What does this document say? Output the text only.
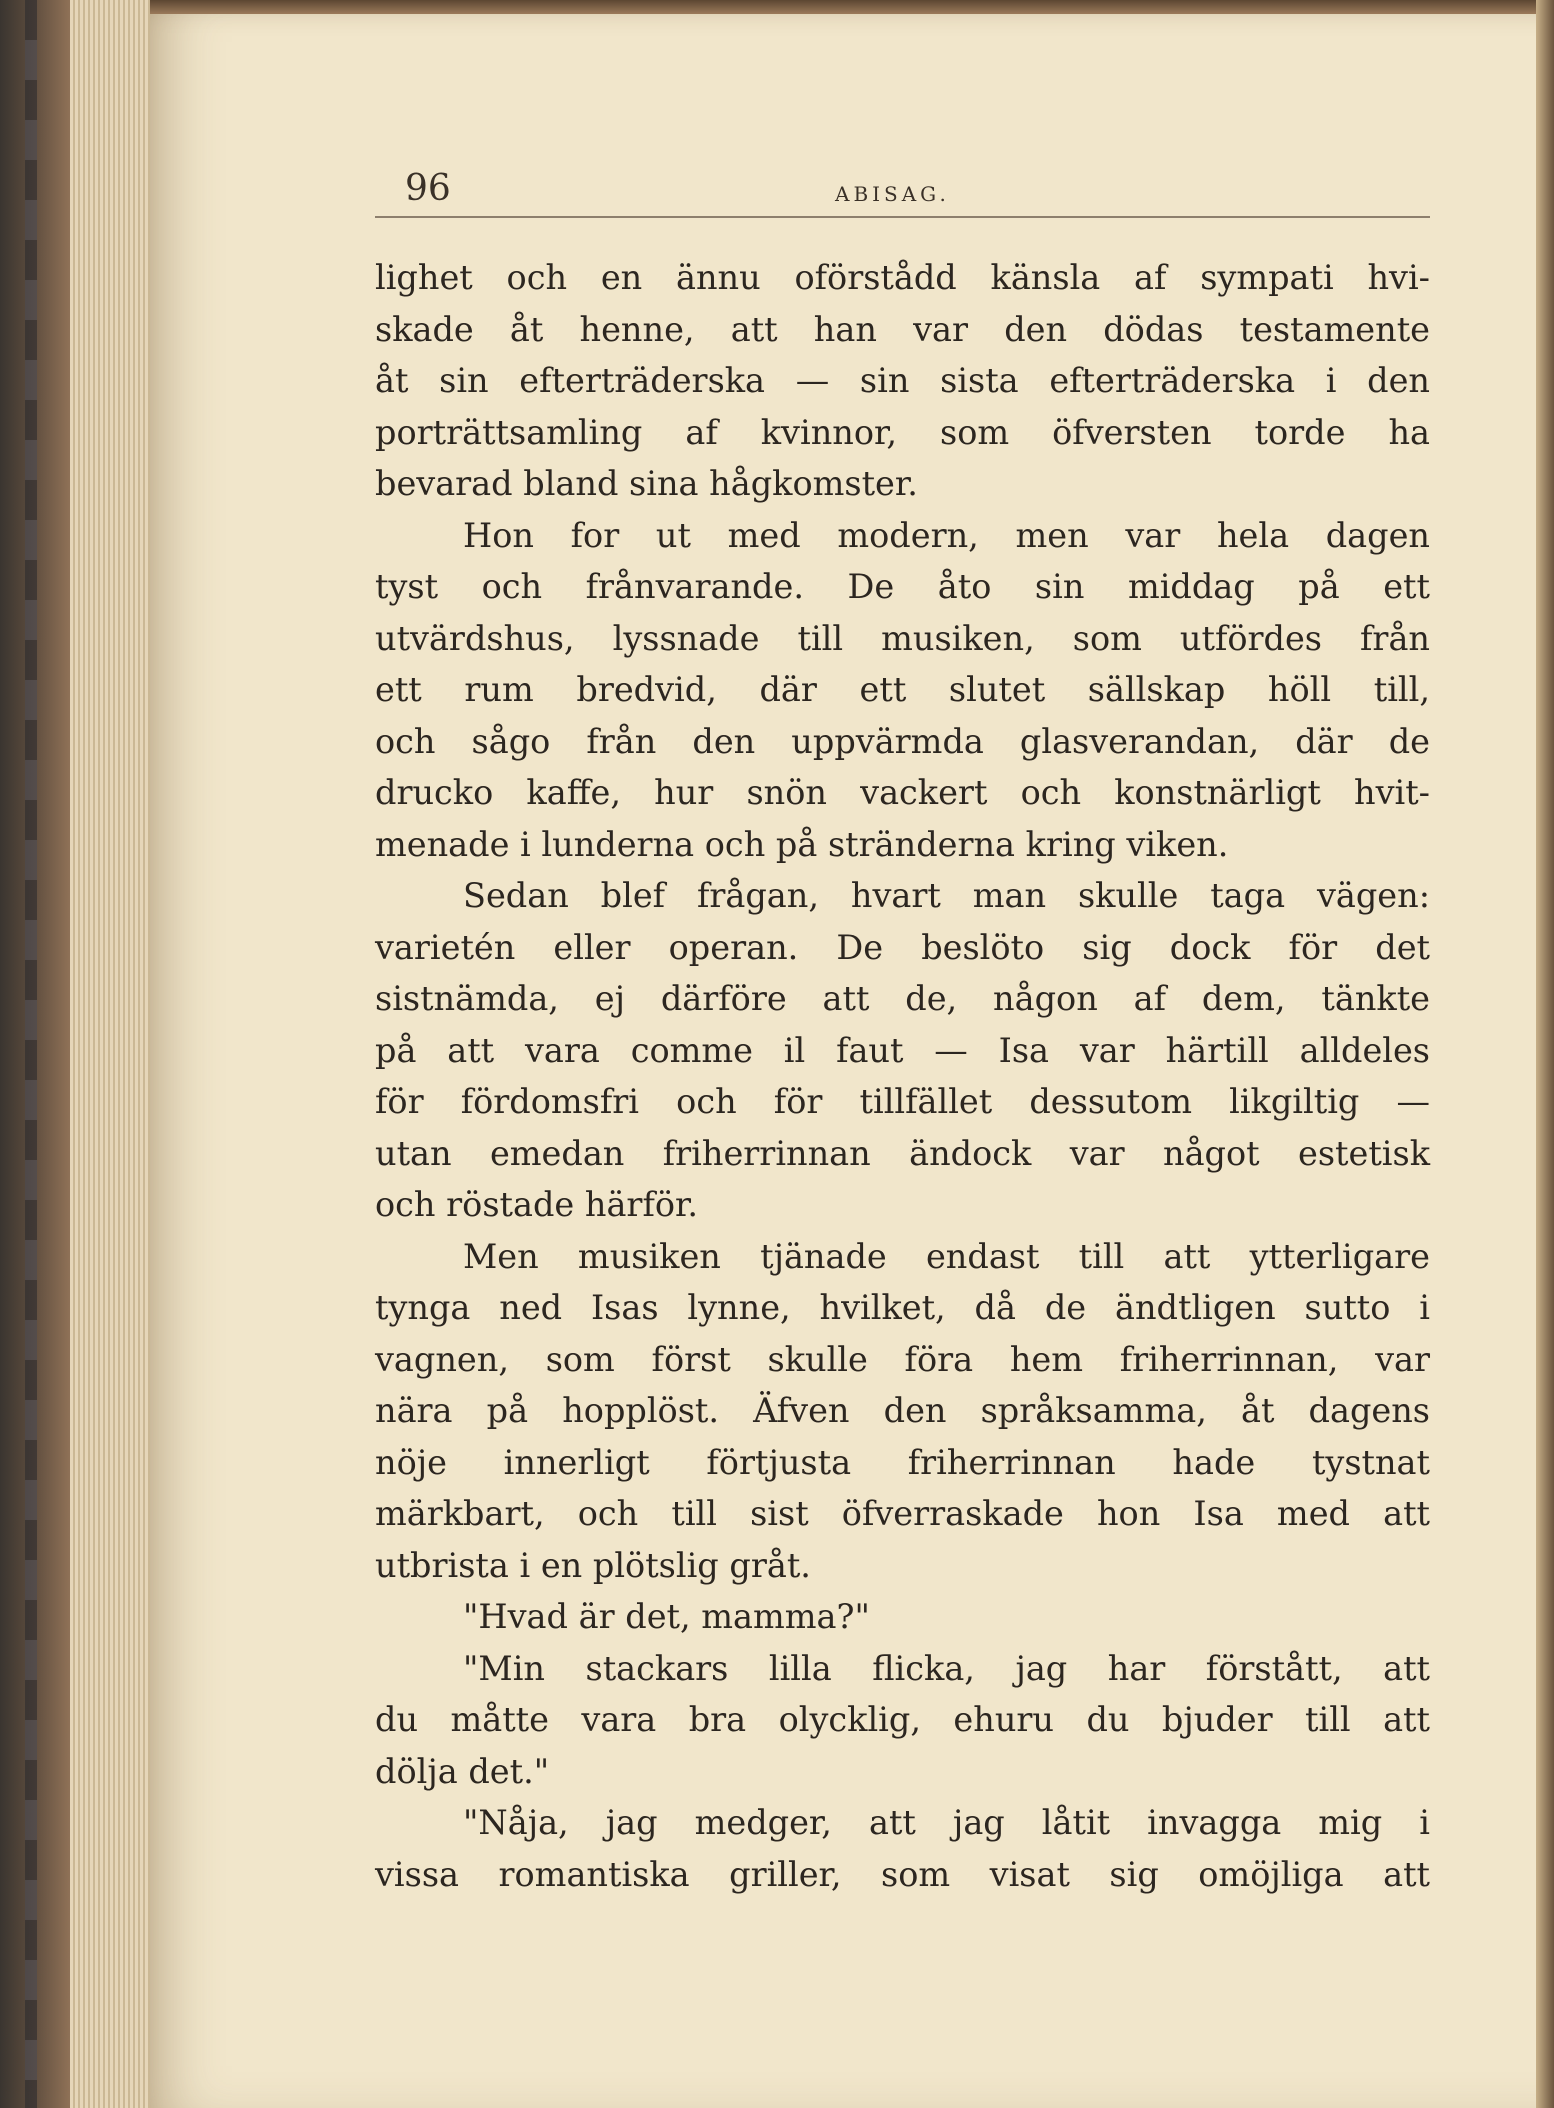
96	ABISAG.
lighet och en ännu oförstådd känsla af sympati hvi-
skade åt henne, att han var den dödas testamente
åt sin efterträderska — sin sista efterträderska i den
porträttsamling af kvinnor, som öfversten torde ha
bevarad bland sina hågkomster.
Hon for ut med modern, men var hela dagen
tyst och frånvarande. De åto sin middag på ett
utvärdshus, lyssnade till musiken, som utfördes från
ett rum bredvid, där ett slutet sällskap höll till,
och sågo från den uppvärmda glasverandan, där de
drucko kaffe, hur snön vackert och konstnärligt hvit-
menade i lunderna och på stränderna kring viken.
Sedan blef frågan, hvart man skulle taga vägen:
varietén eller operan. De beslöto sig dock för det
sistnämda, ej därföre att de, någon af dem, tänkte
på att vara comme il faut — Isa var härtill alldeles
för fördomsfri och för tillfället dessutom likgiltig —
utan emedan friherrinnan ändock var något estetisk
och röstade härför.
Men musiken tjänade endast till att ytterligare
tynga ned Isas lynne, hvilket, då de ändtligen sutto i
vagnen, som först skulle föra hem friherrinnan, var
nära på hopplöst. Äfven den språksamma, åt dagens
nöje innerligt förtjusta friherrinnan hade tystnat
märkbart, och till sist öfverraskade hon Isa med att
utbrista i en plötslig gråt.
"Hvad är det, mamma?"
"Min stackars lilla flicka, jag har förstått, att
du måtte vara bra olycklig, ehuru du bjuder till att
dölja det."
"Nåja, jag medger, att jag låtit invagga mig i
vissa romantiska griller, som visat sig omöjliga att
